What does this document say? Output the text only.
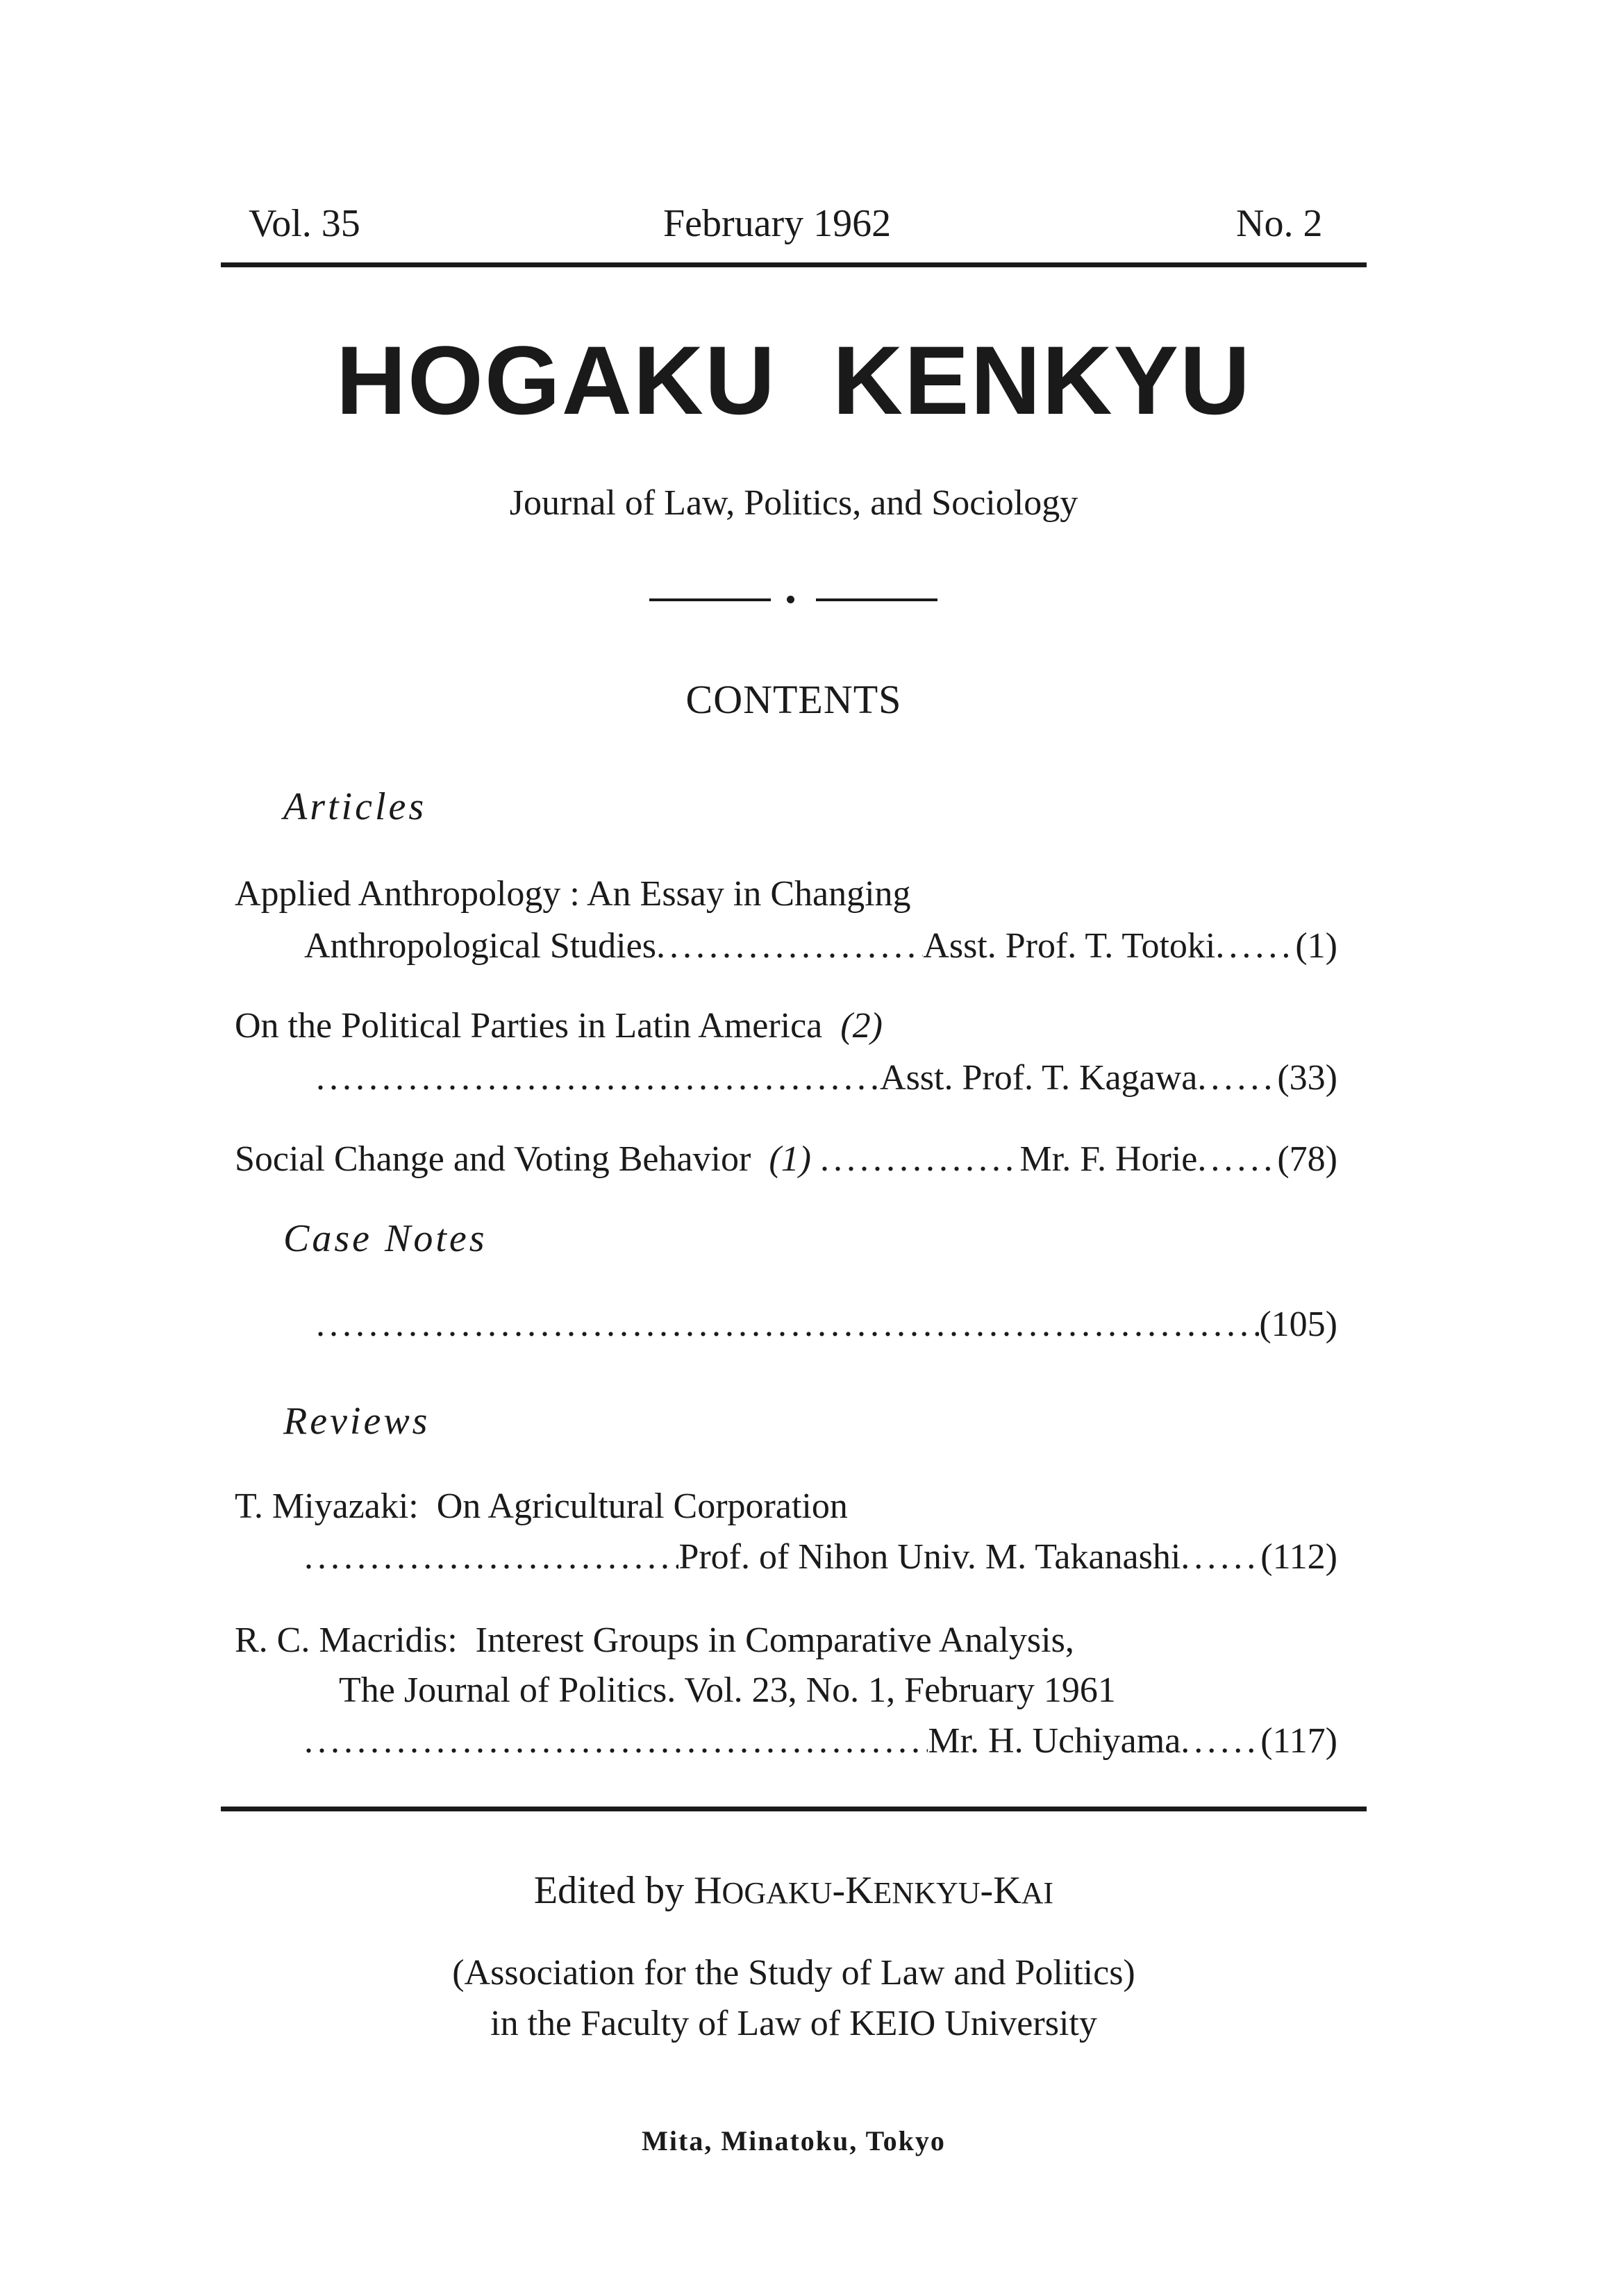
Vol. 35	February 1962	No. 2
HOGAKU KENKYU
Journal of Law, Politics, and Sociology
CONTENTS
Articles
Applied Anthropology : An Essay in Changing
Anthropological Studies .....	Asst. Prof. T. Totoki ..... (1)
On the Political Parties in Latin America (2)
.....
Asst. Prof. T. Kagawa ..... (33)
Social Change and Voting Behavior
(1)
.....	Mr. F. Horie ..... (78)
Case Notes
.....
(105)
Reviews
T. Miyazaki:  On Agricultural Corporation
.....
Prof. of Nihon Univ. M. Takanashi ..... (112)
R. C. Macridis:  Interest Groups in Comparative Analysis,
The Journal of Politics. Vol. 23, No. 1, February 1961
.....
Mr. H. Uchiyama ..... (117)
Edited by HOGAKU-KENKYU-KAI
(Association for the Study of Law and Politics)
in the Faculty of Law of KEIO University
Mita, Minatoku, Tokyo
